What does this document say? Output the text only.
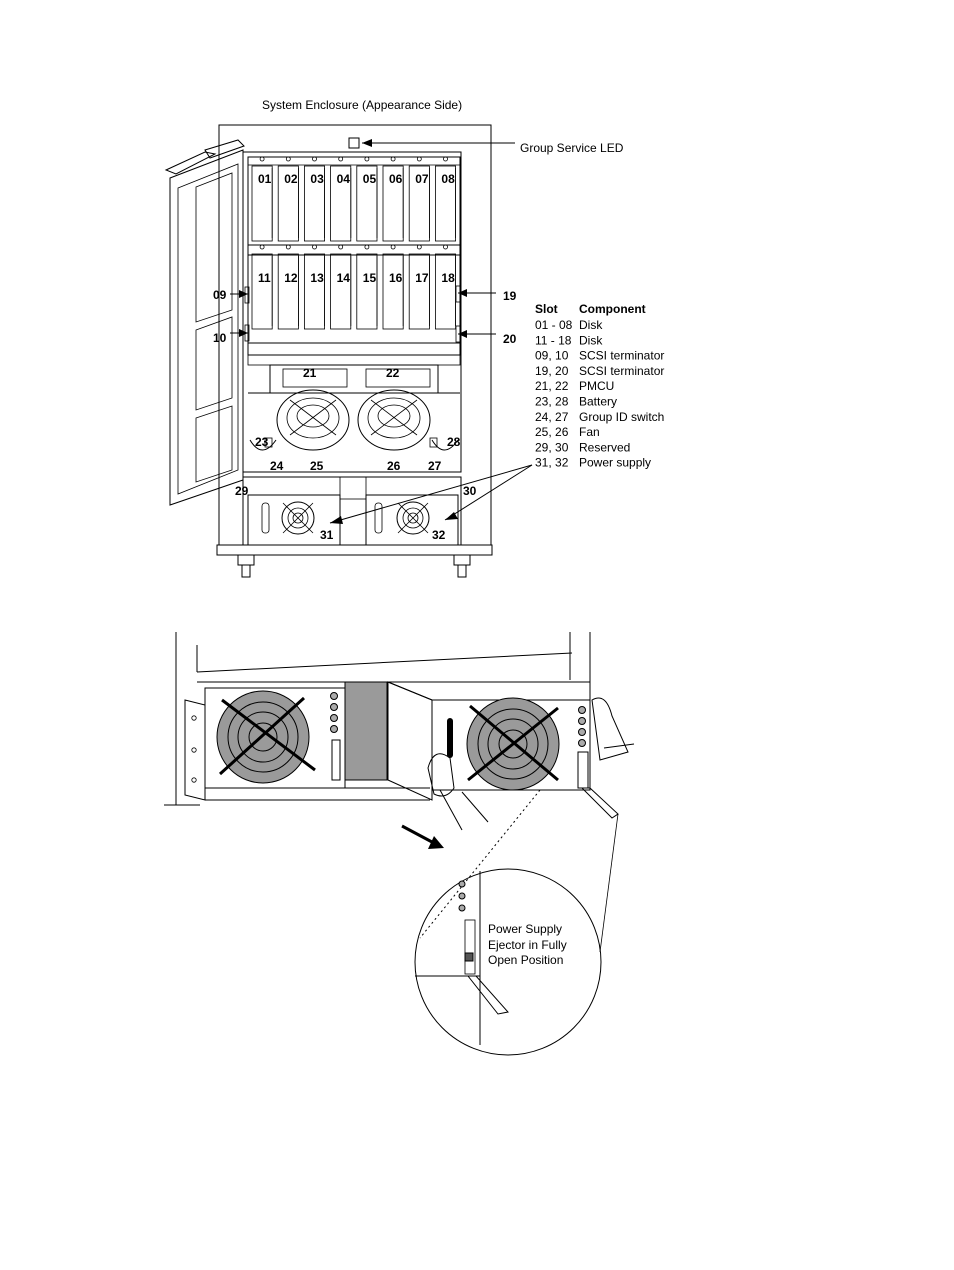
System Enclosure (Appearance Side)
Group Service LED
01 02 03 04 05 06 07 08
11 12 13 14 15 16 17 18
09
10
19
20
21	22
23	28
24 25	26 27
29	30
31	32
Slot Component
01 - 08 Disk
11 - 18 Disk
09, 10 SCSI terminator
19, 20 SCSI terminator
21, 22 PMCU
23, 28 Battery
24, 27 Group ID switch
25, 26 Fan
29, 30 Reserved
31, 32 Power supply
Power Supply
Ejector in Fully
Open Position
